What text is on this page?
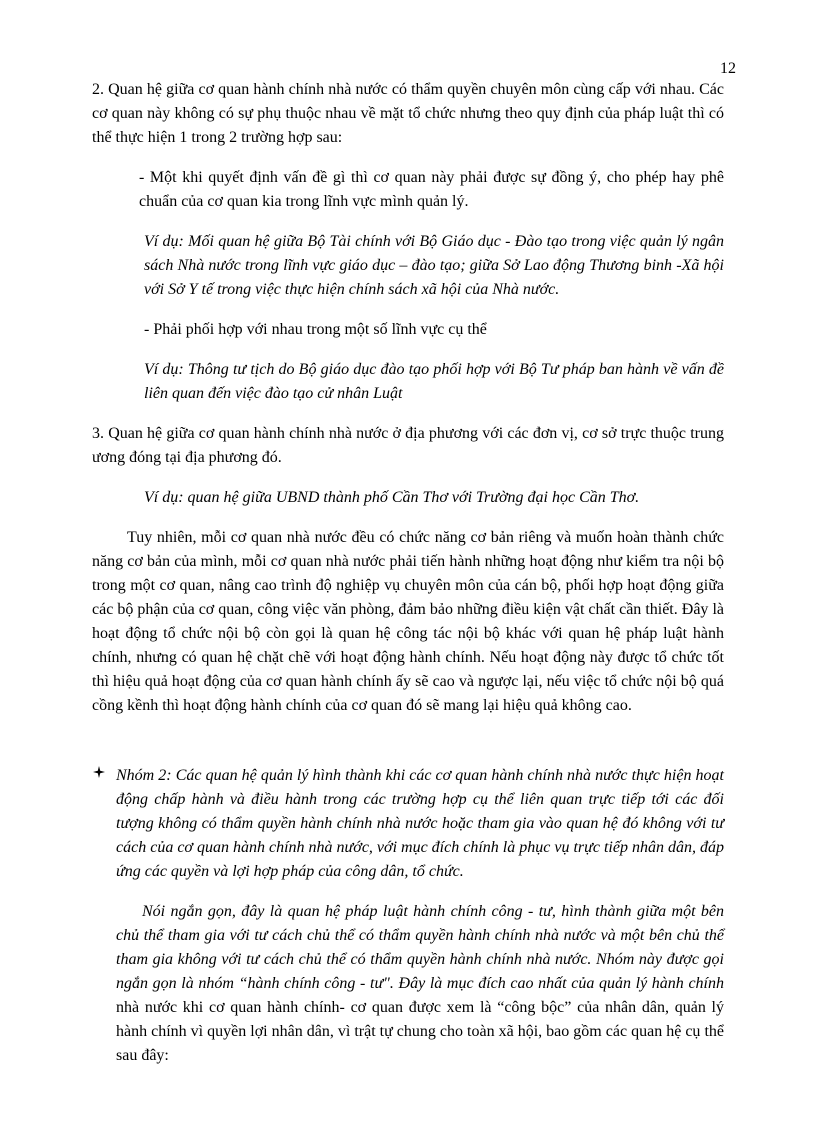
12

2. Quan hệ giữa cơ quan hành chính nhà nước có thẩm quyền chuyên môn cùng cấp với nhau. Các cơ quan này không có sự phụ thuộc nhau về mặt tổ chức nhưng theo quy định của pháp luật thì có thể thực hiện 1 trong 2 trường hợp sau:

- Một khi quyết định vấn đề gì thì cơ quan này phải được sự đồng ý, cho phép hay phê chuẩn của cơ quan kia trong lĩnh vực mình quản lý.

Ví dụ: Mối quan hệ giữa Bộ Tài chính với Bộ Giáo dục - Đào tạo trong việc quản lý ngân sách Nhà nước trong lĩnh vực giáo dục – đào tạo; giữa Sở Lao động Thương binh -Xã hội với Sở Y tế trong việc thực hiện chính sách xã hội của Nhà nước.

- Phải phối hợp với nhau trong một số lĩnh vực cụ thể

Ví dụ: Thông tư tịch do Bộ giáo dục đào tạo phối hợp với Bộ Tư pháp ban hành về vấn đề liên quan đến việc đào tạo cử nhân Luật

3. Quan hệ giữa cơ quan hành chính nhà nước ở địa phương với các đơn vị, cơ sở trực thuộc trung ương đóng tại địa phương đó.

Ví dụ: quan hệ giữa UBND thành phố Cần Thơ với Trường đại học Cần Thơ.

Tuy nhiên, mỗi cơ quan nhà nước đều có chức năng cơ bản riêng và muốn hoàn thành chức năng cơ bản của mình, mỗi cơ quan nhà nước phải tiến hành những hoạt động như kiểm tra nội bộ trong một cơ quan, nâng cao trình độ nghiệp vụ chuyên môn của cán bộ, phối hợp hoạt động giữa các bộ phận của cơ quan, công việc văn phòng, đảm bảo những điều kiện vật chất cần thiết. Đây là hoạt động tổ chức nội bộ còn gọi là quan hệ công tác nội bộ khác với quan hệ pháp luật hành chính, nhưng có quan hệ chặt chẽ với hoạt động hành chính. Nếu hoạt động này được tổ chức tốt thì hiệu quả hoạt động của cơ quan hành chính ấy sẽ cao và ngược lại, nếu việc tổ chức nội bộ quá cồng kềnh thì hoạt động hành chính của cơ quan đó sẽ mang lại hiệu quả không cao.

Nhóm 2: Các quan hệ quản lý hình thành khi các cơ quan hành chính nhà nước thực hiện hoạt động chấp hành và điều hành trong các trường hợp cụ thể liên quan trực tiếp tới các đối tượng không có thẩm quyền hành chính nhà nước hoặc tham gia vào quan hệ đó không với tư cách của cơ quan hành chính nhà nước, với mục đích chính là phục vụ trực tiếp nhân dân, đáp ứng các quyền và lợi hợp pháp của công dân, tổ chức.

Nói ngắn gọn, đây là quan hệ pháp luật hành chính công - tư, hình thành giữa một bên chủ thể tham gia với tư cách chủ thể có thẩm quyền hành chính nhà nước và một bên chủ thể tham gia không với tư cách chủ thể có thẩm quyền hành chính nhà nước. Nhóm này được gọi ngắn gọn là nhóm “hành chính công - tư". Đây là mục đích cao nhất của quản lý hành chính nhà nước khi cơ quan hành chính- cơ quan được xem là “công bộc” của nhân dân, quản lý hành chính vì quyền lợi nhân dân, vì trật tự chung cho toàn xã hội, bao gồm các quan hệ cụ thể sau đây:
